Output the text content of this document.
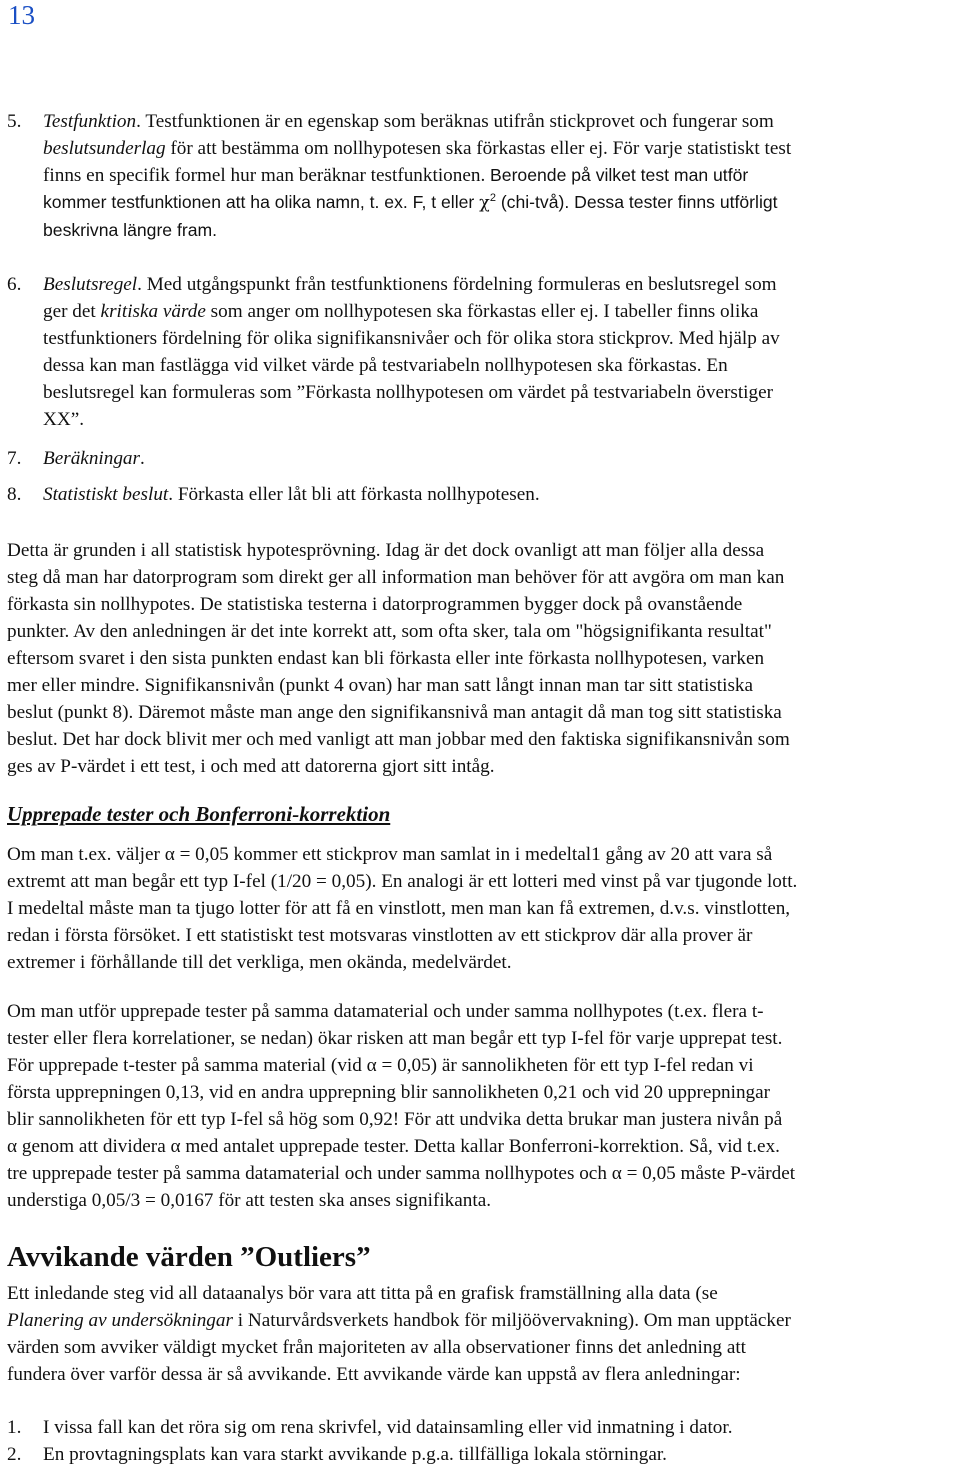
13
5. Testfunktion. Testfunktionen är en egenskap som beräknas utifrån stickprovet och fungerar som
beslutsunderlag för att bestämma om nollhypotesen ska förkastas eller ej. För varje statistiskt test
finns en specifik formel hur man beräknar testfunktionen. Beroende på vilket test man utför
kommer testfunktionen att ha olika namn, t. ex. F, t eller $\chi^2$ (chi-två). Dessa tester finns utförligt
beskrivna längre fram.
6. Beslutsregel. Med utgångspunkt från testfunktionens fördelning formuleras en beslutsregel som
ger det kritiska värde som anger om nollhypotesen ska förkastas eller ej. I tabeller finns olika
testfunktioners fördelning för olika signifikansnivåer och för olika stora stickprov. Med hjälp av
dessa kan man fastlägga vid vilket värde på testvariabeln nollhypotesen ska förkastas. En
beslutsregel kan formuleras som ”Förkasta nollhypotesen om värdet på testvariabeln överstiger
XX”.
7. Beräkningar.
8. Statistiskt beslut. Förkasta eller låt bli att förkasta nollhypotesen.
Detta är grunden i all statistisk hypotesprövning. Idag är det dock ovanligt att man följer alla dessa
steg då man har datorprogram som direkt ger all information man behöver för att avgöra om man kan
förkasta sin nollhypotes. De statistiska testerna i datorprogrammen bygger dock på ovanstående
punkter. Av den anledningen är det inte korrekt att, som ofta sker, tala om "högsignifikanta resultat"
eftersom svaret i den sista punkten endast kan bli förkasta eller inte förkasta nollhypotesen, varken
mer eller mindre. Signifikansnivån (punkt 4 ovan) har man satt långt innan man tar sitt statistiska
beslut (punkt 8). Däremot måste man ange den signifikansnivå man antagit då man tog sitt statistiska
beslut. Det har dock blivit mer och med vanligt att man jobbar med den faktiska signifikansnivån som
ges av P-värdet i ett test, i och med att datorerna gjort sitt intåg.
Upprepade tester och Bonferroni-korrektion
Om man t.ex. väljer α = 0,05 kommer ett stickprov man samlat in i medeltal1 gång av 20 att vara så
extremt att man begår ett typ I-fel (1/20 = 0,05). En analogi är ett lotteri med vinst på var tjugonde lott.
I medeltal måste man ta tjugo lotter för att få en vinstlott, men man kan få extremen, d.v.s. vinstlotten,
redan i första försöket. I ett statistiskt test motsvaras vinstlotten av ett stickprov där alla prover är
extremer i förhållande till det verkliga, men okända, medelvärdet.
Om man utför upprepade tester på samma datamaterial och under samma nollhypotes (t.ex. flera t-
tester eller flera korrelationer, se nedan) ökar risken att man begår ett typ I-fel för varje upprepat test.
För upprepade t-tester på samma material (vid α = 0,05) är sannolikheten för ett typ I-fel redan vi
första upprepningen 0,13, vid en andra upprepning blir sannolikheten 0,21 och vid 20 upprepningar
blir sannolikheten för ett typ I-fel så hög som 0,92! För att undvika detta brukar man justera nivån på
α genom att dividera α med antalet upprepade tester. Detta kallar Bonferroni-korrektion. Så, vid t.ex.
tre upprepade tester på samma datamaterial och under samma nollhypotes och α = 0,05 måste P-värdet
understiga 0,05/3 = 0,0167 för att testen ska anses signifikanta.
Avvikande värden ”Outliers”
Ett inledande steg vid all dataanalys bör vara att titta på en grafisk framställning alla data (se
Planering av undersökningar i Naturvårdsverkets handbok för miljöövervakning). Om man upptäcker
värden som avviker väldigt mycket från majoriteten av alla observationer finns det anledning att
fundera över varför dessa är så avvikande. Ett avvikande värde kan uppstå av flera anledningar:
1. I vissa fall kan det röra sig om rena skrivfel, vid datainsamling eller vid inmatning i dator.
2. En provtagningsplats kan vara starkt avvikande p.g.a. tillfälliga lokala störningar.
